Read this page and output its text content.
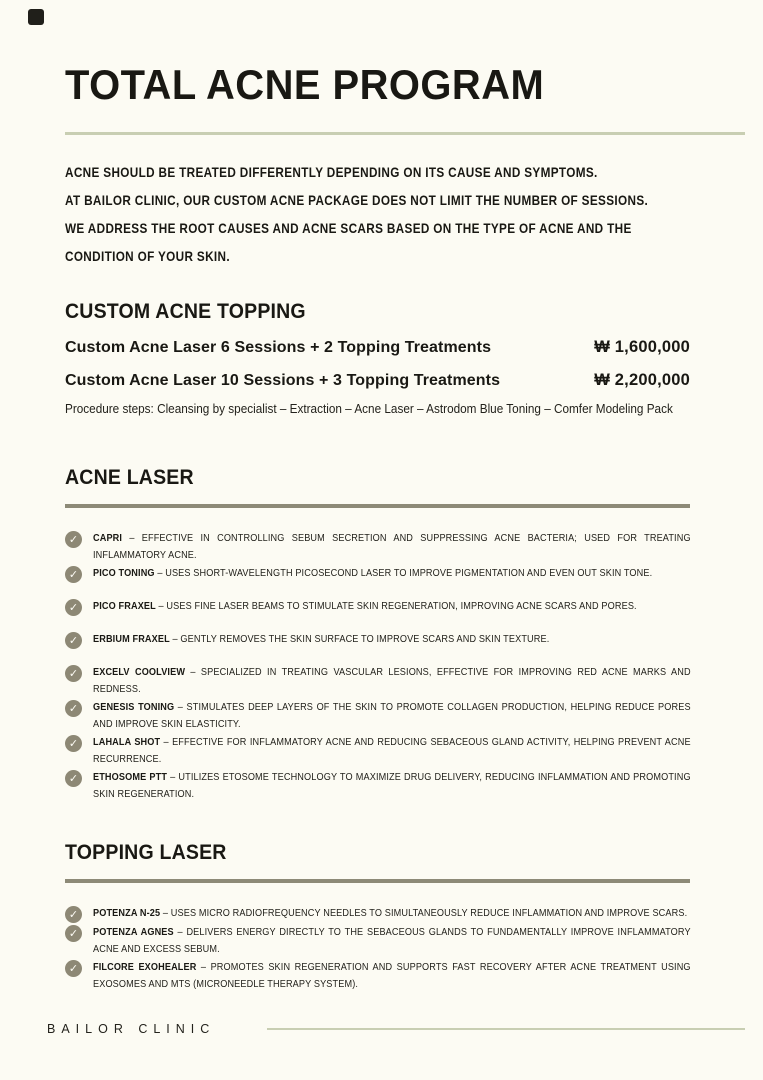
TOTAL ACNE PROGRAM
ACNE SHOULD BE TREATED DIFFERENTLY DEPENDING ON ITS CAUSE AND SYMPTOMS.
AT BAILOR CLINIC, OUR CUSTOM ACNE PACKAGE DOES NOT LIMIT THE NUMBER OF SESSIONS.
WE ADDRESS THE ROOT CAUSES AND ACNE SCARS BASED ON THE TYPE OF ACNE AND THE
CONDITION OF YOUR SKIN.
CUSTOM ACNE TOPPING
Custom Acne Laser 6 Sessions + 2 Topping Treatments	₩ 1,600,000
Custom Acne Laser 10 Sessions + 3 Topping Treatments	₩ 2,200,000
Procedure steps: Cleansing by specialist – Extraction – Acne Laser – Astrodom Blue Toning – Comfer Modeling Pack
ACNE LASER
✓	CAPRI – EFFECTIVE IN CONTROLLING SEBUM SECRETION AND SUPPRESSING ACNE BACTERIA; USED FOR TREATING INFLAMMATORY ACNE.
✓	PICO TONING – USES SHORT-WAVELENGTH PICOSECOND LASER TO IMPROVE PIGMENTATION AND EVEN OUT SKIN TONE.
✓	PICO FRAXEL – USES FINE LASER BEAMS TO STIMULATE SKIN REGENERATION, IMPROVING ACNE SCARS AND PORES.
✓	ERBIUM FRAXEL – GENTLY REMOVES THE SKIN SURFACE TO IMPROVE SCARS AND SKIN TEXTURE.
✓	EXCELV COOLVIEW – SPECIALIZED IN TREATING VASCULAR LESIONS, EFFECTIVE FOR IMPROVING RED ACNE MARKS AND REDNESS.
✓	GENESIS TONING – STIMULATES DEEP LAYERS OF THE SKIN TO PROMOTE COLLAGEN PRODUCTION, HELPING REDUCE PORES AND IMPROVE SKIN ELASTICITY.
✓	LAHALA SHOT – EFFECTIVE FOR INFLAMMATORY ACNE AND REDUCING SEBACEOUS GLAND ACTIVITY, HELPING PREVENT ACNE RECURRENCE.
✓	ETHOSOME PTT – UTILIZES ETOSOME TECHNOLOGY TO MAXIMIZE DRUG DELIVERY, REDUCING INFLAMMATION AND PROMOTING SKIN REGENERATION.
TOPPING LASER
✓	POTENZA N-25 – USES MICRO RADIOFREQUENCY NEEDLES TO SIMULTANEOUSLY REDUCE INFLAMMATION AND IMPROVE SCARS.
✓	POTENZA AGNES – DELIVERS ENERGY DIRECTLY TO THE SEBACEOUS GLANDS TO FUNDAMENTALLY IMPROVE INFLAMMATORY ACNE AND EXCESS SEBUM.
✓	FILCORE EXOHEALER – PROMOTES SKIN REGENERATION AND SUPPORTS FAST RECOVERY AFTER ACNE TREATMENT USING EXOSOMES AND MTS (MICRONEEDLE THERAPY SYSTEM).
BAILOR CLINIC
